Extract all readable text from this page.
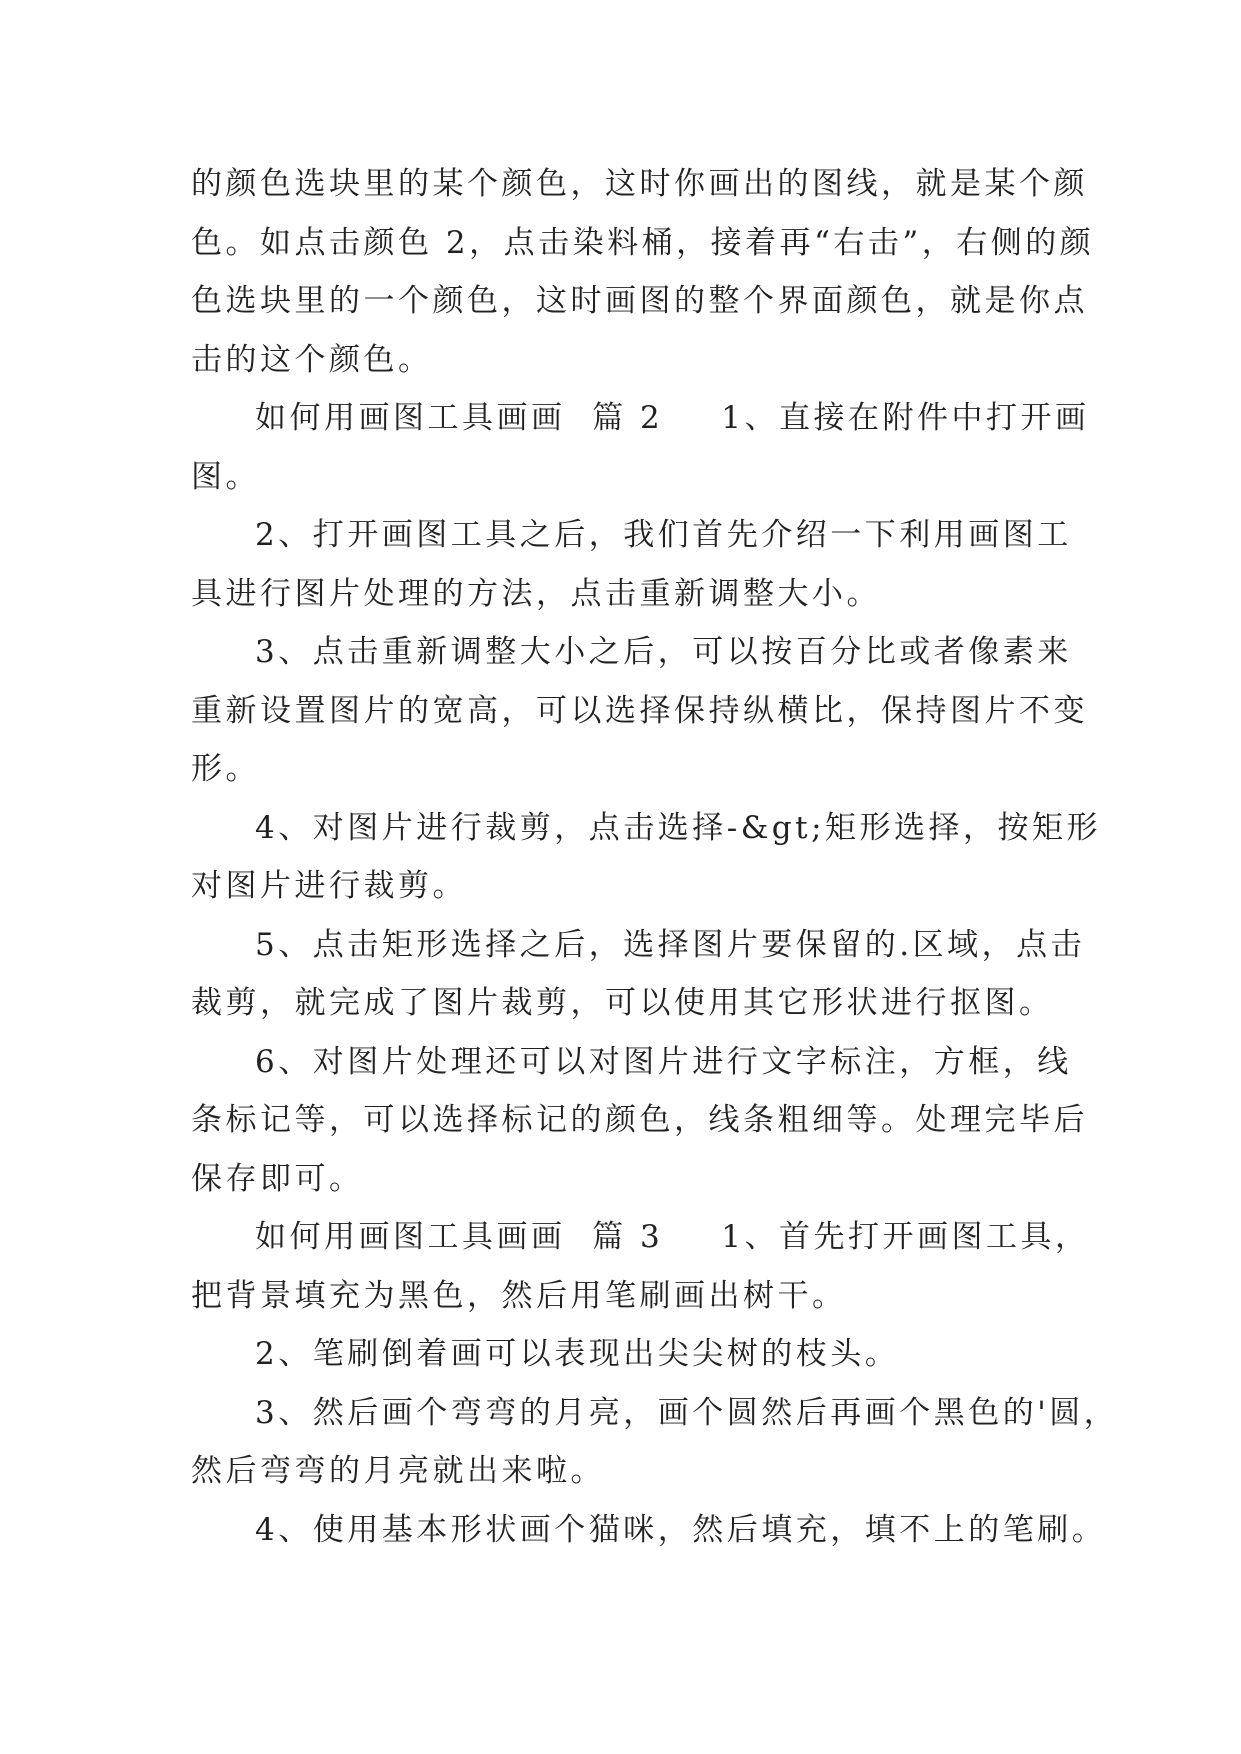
的颜色选块里的某个颜色，这时你画出的图线，就是某个颜
色。如点击颜色 2，点击染料桶，接着再“右击”，右侧的颜
色选块里的一个颜色，这时画图的整个界面颜色，就是你点
击的这个颜色。
如何用画图工具画画  篇 2 1、直接在附件中打开画
图。
2、打开画图工具之后，我们首先介绍一下利用画图工
具进行图片处理的方法，点击重新调整大小。
3、点击重新调整大小之后，可以按百分比或者像素来
重新设置图片的宽高，可以选择保持纵横比，保持图片不变
形。
4、对图片进行裁剪，点击选择-&gt;矩形选择，按矩形
对图片进行裁剪。
5、点击矩形选择之后，选择图片要保留的.区域，点击
裁剪，就完成了图片裁剪，可以使用其它形状进行抠图。
6、对图片处理还可以对图片进行文字标注，方框，线
条标记等，可以选择标记的颜色，线条粗细等。处理完毕后
保存即可。
如何用画图工具画画  篇 3 1、首先打开画图工具，
把背景填充为黑色，然后用笔刷画出树干。
2、笔刷倒着画可以表现出尖尖树的枝头。
3、然后画个弯弯的月亮，画个圆然后再画个黑色的'圆，
然后弯弯的月亮就出来啦。
4、使用基本形状画个猫咪，然后填充，填不上的笔刷。
